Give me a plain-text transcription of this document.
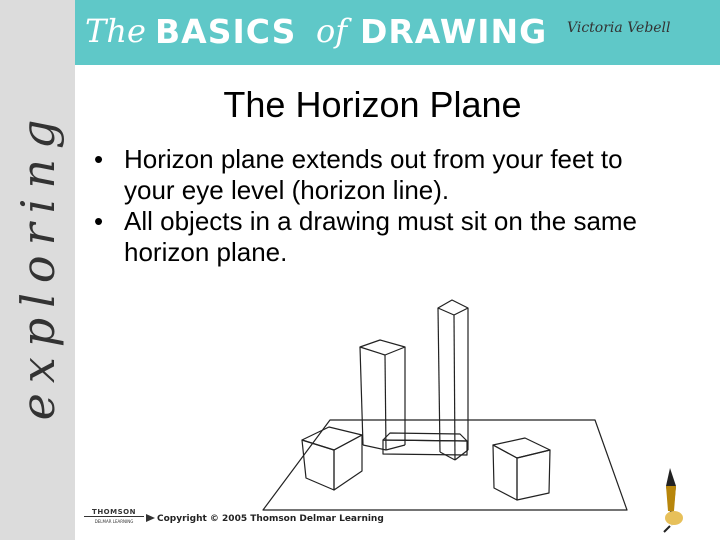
exploring
The BASICS of DRAWING Victoria Vebell
The Horizon Plane
• Horizon plane extends out from your feet to your eye level (horizon line).
• All objects in a drawing must sit on the same horizon plane.
THOMSON
DELMAR LEARNING	Copyright © 2005 Thomson Delmar Learning
